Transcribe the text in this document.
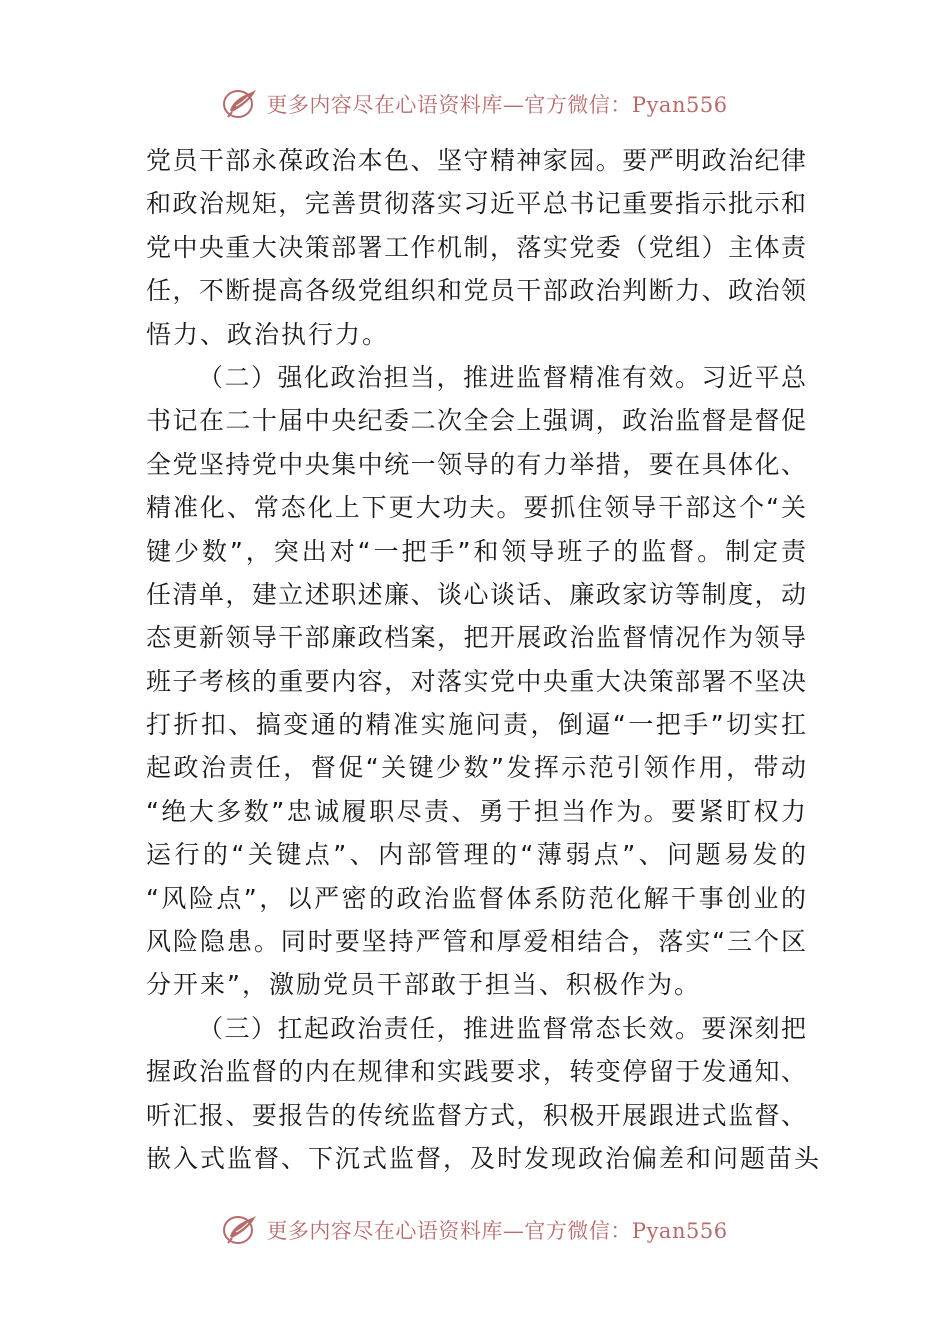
更多内容尽在心语资料库—官方微信：Pyan556
党员干部永葆政治本色、坚守精神家园。要严明政治纪律
和政治规矩，完善贯彻落实习近平总书记重要指示批示和
党中央重大决策部署工作机制，落实党委（党组）主体责
任，不断提高各级党组织和党员干部政治判断力、政治领
悟力、政治执行力。
（二）强化政治担当，推进监督精准有效。习近平总
书记在二十届中央纪委二次全会上强调，政治监督是督促
全党坚持党中央集中统一领导的有力举措，要在具体化、
精准化、常态化上下更大功夫。要抓住领导干部这个“关
键少数”，突出对“一把手”和领导班子的监督。制定责
任清单，建立述职述廉、谈心谈话、廉政家访等制度，动
态更新领导干部廉政档案，把开展政治监督情况作为领导
班子考核的重要内容，对落实党中央重大决策部署不坚决
打折扣、搞变通的精准实施问责，倒逼“一把手”切实扛
起政治责任，督促“关键少数”发挥示范引领作用，带动
“绝大多数”忠诚履职尽责、勇于担当作为。要紧盯权力
运行的“关键点”、内部管理的“薄弱点”、问题易发的
“风险点”，以严密的政治监督体系防范化解干事创业的
风险隐患。同时要坚持严管和厚爱相结合，落实“三个区
分开来”，激励党员干部敢于担当、积极作为。
（三）扛起政治责任，推进监督常态长效。要深刻把
握政治监督的内在规律和实践要求，转变停留于发通知、
听汇报、要报告的传统监督方式，积极开展跟进式监督、
嵌入式监督、下沉式监督，及时发现政治偏差和问题苗头
更多内容尽在心语资料库—官方微信：Pyan556
